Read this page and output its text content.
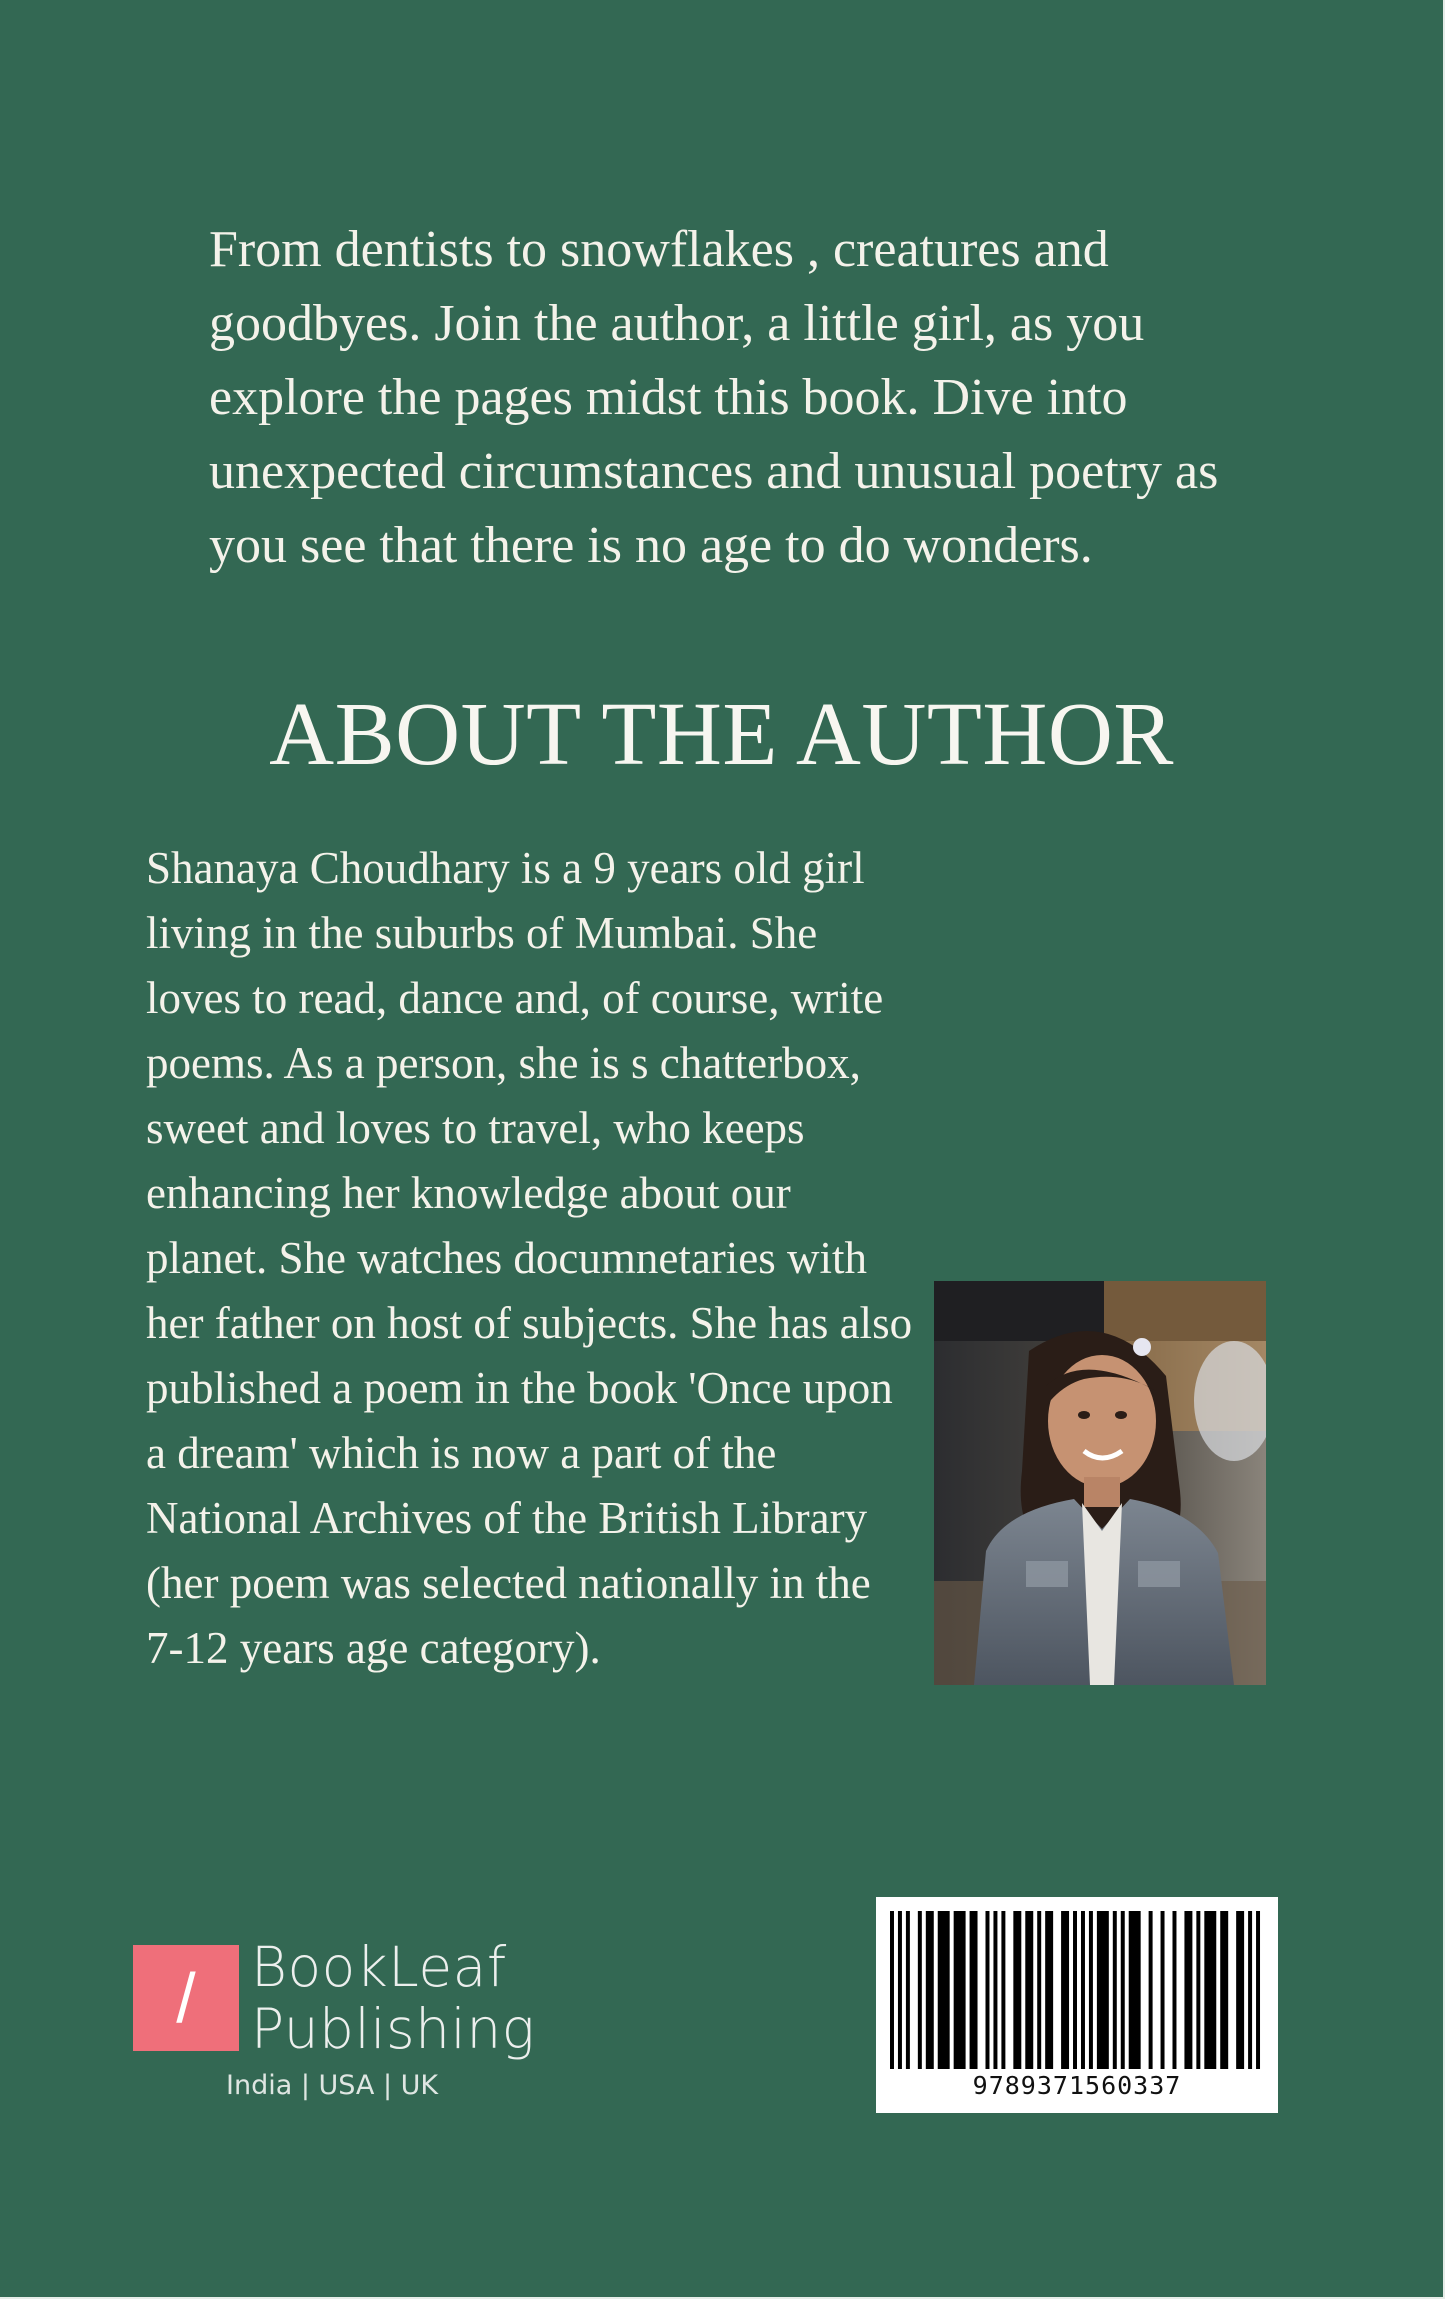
From dentists to snowflakes , creatures and goodbyes. Join the author, a little girl, as you explore the pages midst this book. Dive into unexpected circumstances and unusual poetry as you see that there is no age to do wonders.

ABOUT THE AUTHOR

Shanaya Choudhary is a 9 years old girl living in the suburbs of Mumbai. She loves to read, dance and, of course, write poems. As a person, she is s chatterbox, sweet and loves to travel, who keeps enhancing her knowledge about our planet. She watches documnetaries with her father on host of subjects. She has also published a poem in the book 'Once upon a dream' which is now a part of the National Archives of the British Library (her poem was selected nationally in the 7-12 years age category).

/	BookLeaf
Publishing
India | USA | UK	9789371560337
